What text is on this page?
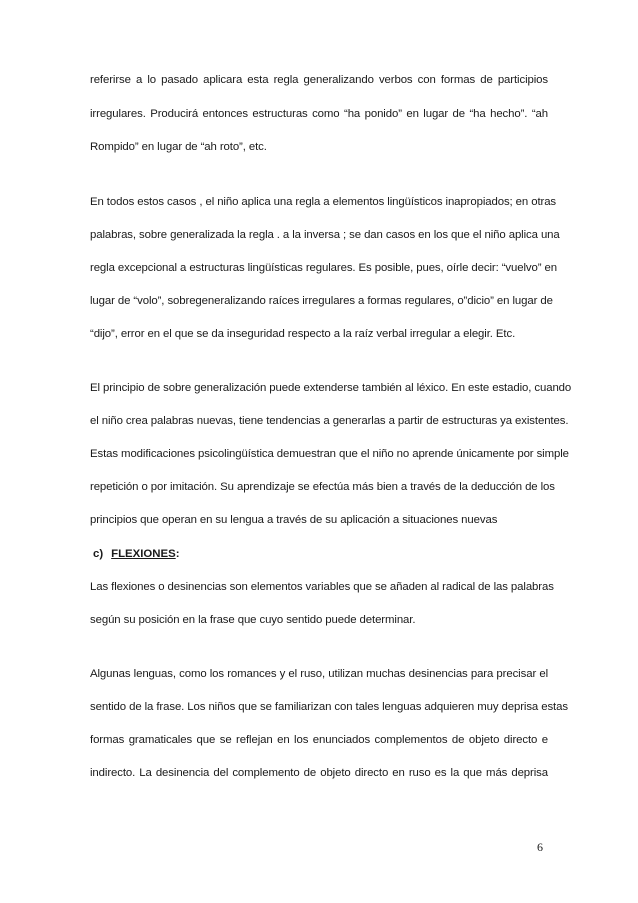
referirse a lo pasado aplicara esta regla generalizando verbos con formas de participios
irregulares. Producirá entonces estructuras como “ha ponido” en lugar de “ha hecho”. “ah
Rompido” en lugar de “ah roto”, etc.
En todos estos casos , el niño aplica una regla a elementos lingüísticos inapropiados; en otras
palabras, sobre generalizada la regla . a la inversa ; se dan casos en los que el niño aplica una
regla excepcional a estructuras lingüísticas regulares. Es posible, pues, oírle decir: “vuelvo” en
lugar de “volo”, sobregeneralizando raíces irregulares a formas regulares, o”dicio” en lugar de
“dijo”, error en el que se da inseguridad respecto a la raíz verbal irregular a elegir. Etc.
El principio de sobre generalización puede extenderse también al léxico. En este estadio, cuando
el niño crea palabras nuevas, tiene tendencias a generarlas a partir de estructuras ya existentes.
Estas modificaciones psicolingüística demuestran que el niño no aprende únicamente por simple
repetición o por imitación. Su aprendizaje se efectúa más bien a través de la deducción de los
principios que operan en su lengua a través de su aplicación a situaciones nuevas
c) FLEXIONES:
Las flexiones o desinencias son elementos variables que se añaden al radical de las palabras
según su posición en la frase que cuyo sentido puede determinar.
Algunas lenguas, como los romances y el ruso, utilizan muchas desinencias para precisar el
sentido de la frase. Los niños que se familiarizan con tales lenguas adquieren muy deprisa estas
formas gramaticales que se reflejan en los enunciados complementos de objeto directo e
indirecto. La desinencia del complemento de objeto directo en ruso es la que más deprisa
6
